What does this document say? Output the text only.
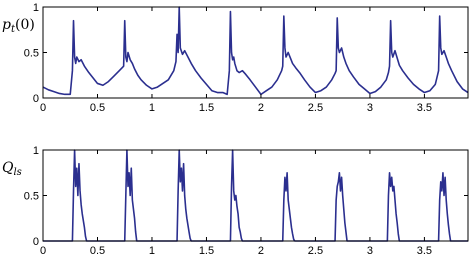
0	0.5	1	1.5	2	2.5	3	3.5
0
0.5
1
$p_t(0)$
0	0.5	1	1.5	2	2.5	3	3.5
0
0.5
1
$Q_{ls}$
